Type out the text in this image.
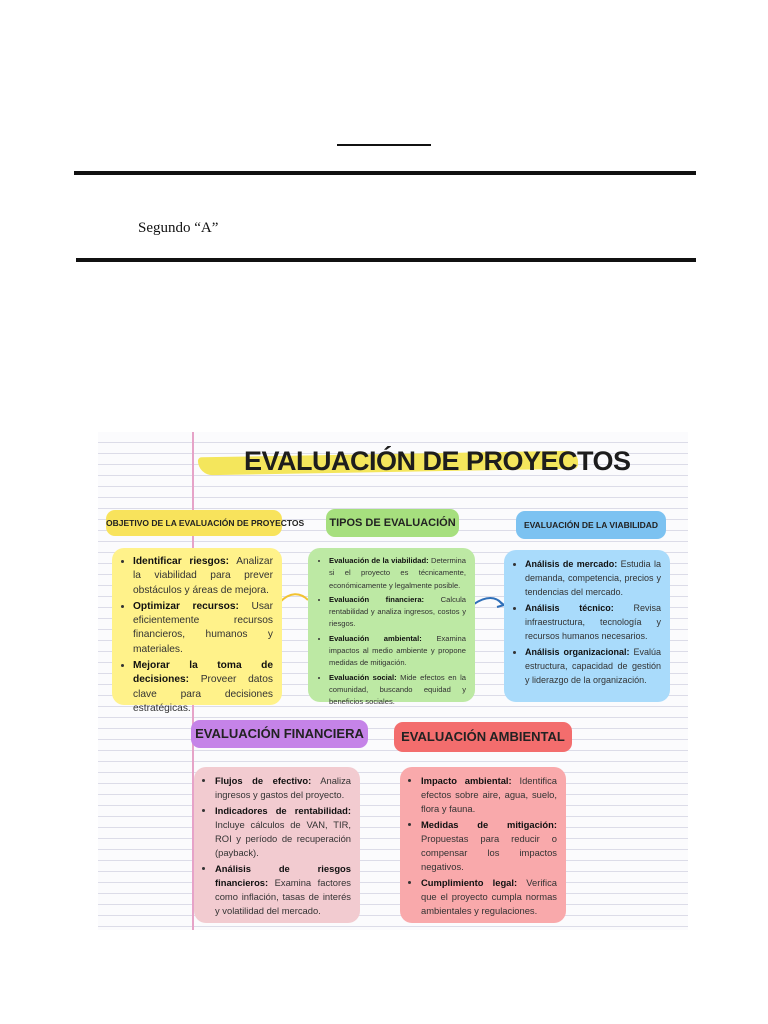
Segundo “A”
EVALUACIÓN DE PROYECTOS
OBJETIVO DE LA EVALUACIÓN DE PROYECTOS	TIPOS DE EVALUACIÓN	EVALUACIÓN DE LA VIABILIDAD
EVALUACIÓN FINANCIERA	EVALUACIÓN AMBIENTAL
• Identificar riesgos: Analizar la viabilidad para prever obstáculos y áreas de mejora.
• Optimizar recursos: Usar eficientemente recursos financieros, humanos y materiales.
• Mejorar la toma de decisiones: Proveer datos clave para decisiones estratégicas.
• Evaluación de la viabilidad: Determina si el proyecto es técnicamente, económicamente y legalmente posible.
• Evaluación financiera: Calcula rentabilidad y analiza ingresos, costos y riesgos.
• Evaluación ambiental: Examina impactos al medio ambiente y propone medidas de mitigación.
• Evaluación social: Mide efectos en la comunidad, buscando equidad y beneficios sociales.
• Análisis de mercado: Estudia la demanda, competencia, precios y tendencias del mercado.
• Análisis técnico: Revisa infraestructura, tecnología y recursos humanos necesarios.
• Análisis organizacional: Evalúa estructura, capacidad de gestión y liderazgo de la organización.
• Flujos de efectivo: Analiza ingresos y gastos del proyecto.
• Indicadores de rentabilidad: Incluye cálculos de VAN, TIR, ROI y período de recuperación (payback).
• Análisis de riesgos financieros: Examina factores como inflación, tasas de interés y volatilidad del mercado.
• Impacto ambiental: Identifica efectos sobre aire, agua, suelo, flora y fauna.
• Medidas de mitigación: Propuestas para reducir o compensar los impactos negativos.
• Cumplimiento legal: Verifica que el proyecto cumpla normas ambientales y regulaciones.
